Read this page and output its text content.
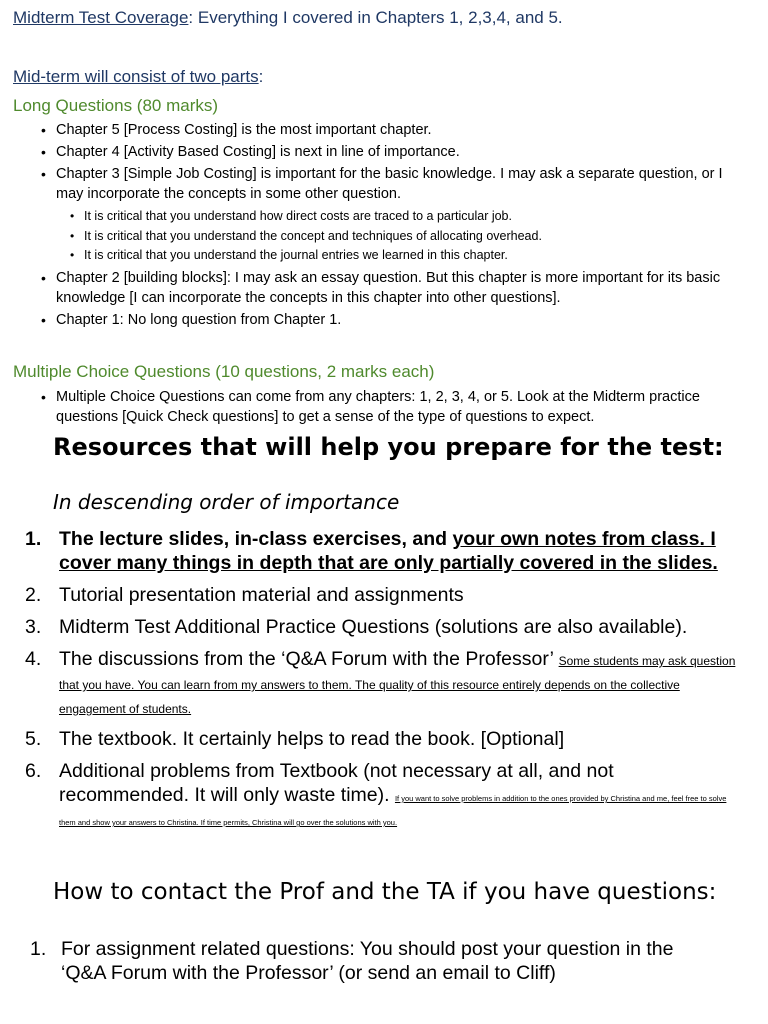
Midterm Test Coverage: Everything I covered in Chapters 1, 2,3,4, and 5.
Mid-term will consist of two parts:
Long Questions (80 marks)
• Chapter 5 [Process Costing] is the most important chapter.
• Chapter 4 [Activity Based Costing] is next in line of importance.
• Chapter 3 [Simple Job Costing] is important for the basic knowledge. I may ask a separate question, or I may incorporate the concepts in some other question.
• It is critical that you understand how direct costs are traced to a particular job.
• It is critical that you understand the concept and techniques of allocating overhead.
• It is critical that you understand the journal entries we learned in this chapter.
• Chapter 2 [building blocks]: I may ask an essay question. But this chapter is more important for its basic knowledge [I can incorporate the concepts in this chapter into other questions].
• Chapter 1: No long question from Chapter 1.
Multiple Choice Questions (10 questions, 2 marks each)
• Multiple Choice Questions can come from any chapters: 1, 2, 3, 4, or 5. Look at the Midterm practice questions [Quick Check questions] to get a sense of the type of questions to expect.
Resources that will help you prepare for the test:
In descending order of importance
1. The lecture slides, in-class exercises, and your own notes from class. I cover many things in depth that are only partially covered in the slides.
2. Tutorial presentation material and assignments
3. Midterm Test Additional Practice Questions (solutions are also available).
4. The discussions from the ‘Q&A Forum with the Professor’ Some students may ask question that you have. You can learn from my answers to them. The quality of this resource entirely depends on the collective engagement of students.
5. The textbook. It certainly helps to read the book. [Optional]
6. Additional problems from Textbook (not necessary at all, and not recommended. It will only waste time). If you want to solve problems in addition to the ones provided by Christina and me, feel free to solve them and show your answers to Christina. If time permits, Christina will go over the solutions with you.
How to contact the Prof and the TA if you have questions:
1. For assignment related questions: You should post your question in the ‘Q&A Forum with the Professor’ (or send an email to Cliff)
